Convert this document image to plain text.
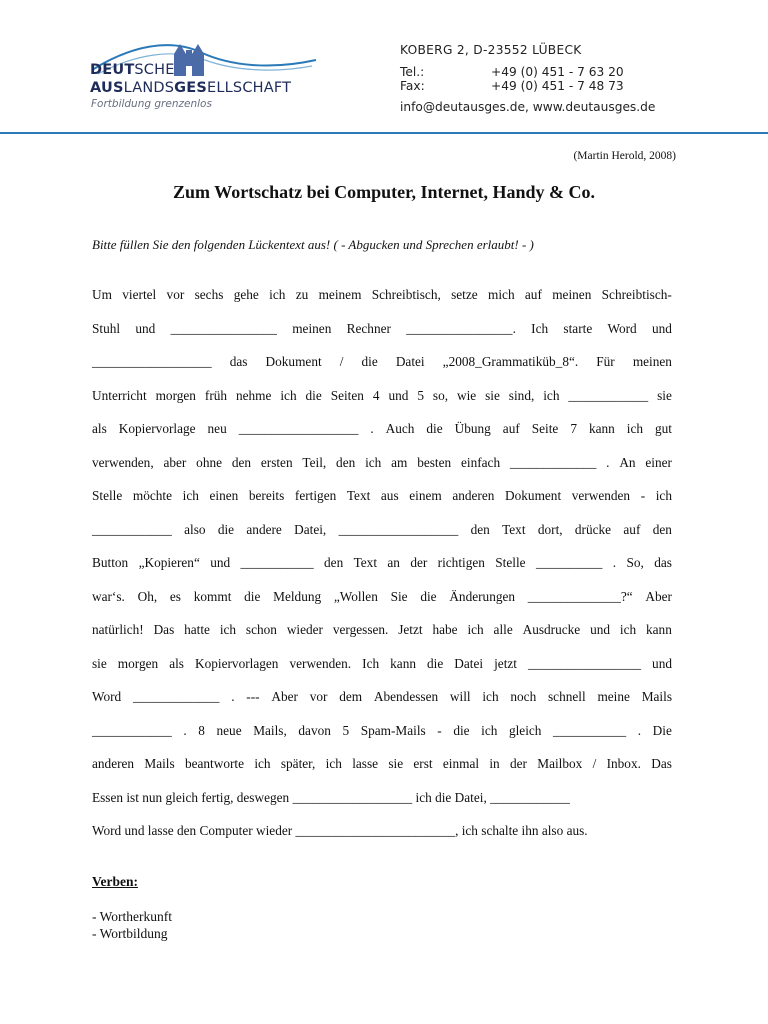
DEUTSCHE
AUSLANDSGESELLSCHAFT
Fortbildung grenzenlos
KOBERG 2, D-23552 LÜBECK
Tel.:	+49 (0) 451 - 7 63 20
Fax:	+49 (0) 451 - 7 48 73
info@deutausges.de, www.deutausges.de
(Martin Herold, 2008)
Zum Wortschatz bei Computer, Internet, Handy & Co.
Bitte füllen Sie den folgenden Lückentext aus! ( - Abgucken und Sprechen erlaubt! - )
Um viertel vor sechs gehe ich zu meinem Schreibtisch, setze mich auf meinen Schreibtisch-
Stuhl und ________________ meinen Rechner ________________. Ich starte Word und
__________________ das Dokument / die Datei „2008_Grammatiküb_8“. Für meinen
Unterricht morgen früh nehme ich die Seiten 4 und 5 so, wie sie sind, ich ____________ sie
als Kopiervorlage neu __________________ . Auch die Übung auf Seite 7 kann ich gut
verwenden, aber ohne den ersten Teil, den ich am besten einfach _____________ . An einer
Stelle möchte ich einen bereits fertigen Text aus einem anderen Dokument verwenden - ich
____________ also die andere Datei, __________________ den Text dort, drücke auf den
Button „Kopieren“ und ___________ den Text an der richtigen Stelle __________ . So, das
war‘s. Oh, es kommt die Meldung „Wollen Sie die Änderungen ______________?“ Aber
natürlich! Das hatte ich schon wieder vergessen. Jetzt habe ich alle Ausdrucke und ich kann
sie morgen als Kopiervorlagen verwenden. Ich kann die Datei jetzt _________________ und
Word _____________ . --- Aber vor dem Abendessen will ich noch schnell meine Mails
____________ . 8 neue Mails, davon 5 Spam-Mails - die ich gleich ___________ . Die
anderen Mails beantworte ich später, ich lasse sie erst einmal in der Mailbox / Inbox. Das
Essen ist nun gleich fertig, deswegen __________________ ich die Datei, ____________
Word und lasse den Computer wieder ________________________, ich schalte ihn also aus.
Verben:
- Wortherkunft
- Wortbildung
